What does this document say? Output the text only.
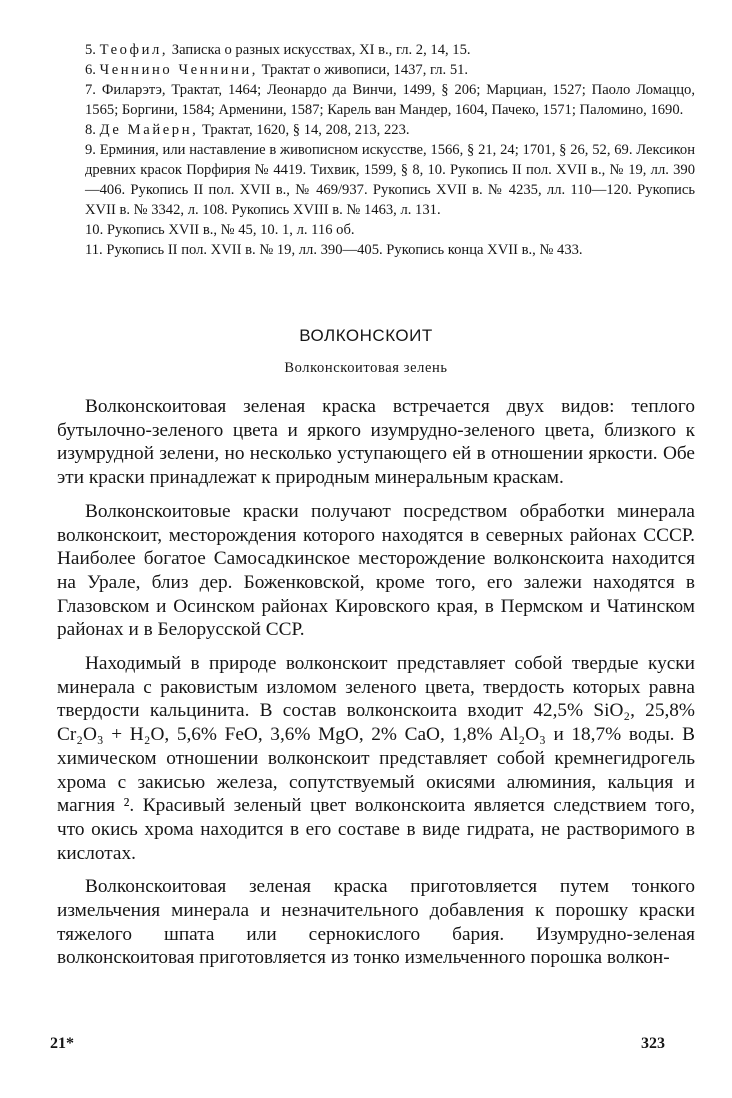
5. Теофил, Записка о разных искусствах, XI в., гл. 2, 14, 15.

6. Ченнино Ченнини, Трактат о живописи, 1437, гл. 51.

7. Филарэтэ, Трактат, 1464; Леонардо да Винчи, 1499, § 206; Марциан, 1527; Паоло Ломаццо, 1565; Боргини, 1584; Арменини, 1587; Карель ван Мандер, 1604, Пачеко, 1571; Паломино, 1690.

8. Де Майерн, Трактат, 1620, § 14, 208, 213, 223.

9. Ерминия, или наставление в живописном искусстве, 1566, § 21, 24; 1701, § 26, 52, 69. Лексикон древних красок Порфирия № 4419. Тихвик, 1599, § 8, 10. Рукопись II пол. XVII в., № 19, лл. 390—406. Рукопись II пол. XVII в., № 469/937. Рукопись XVII в. № 4235, лл. 110—120. Рукопись XVII в. № 3342, л. 108. Рукопись XVIII в. № 1463, л. 131.

10. Рукопись XVII в., № 45, 10. 1, л. 116 об.

11. Рукопись II пол. XVII в. № 19, лл. 390—405. Рукопись конца XVII в., № 433.

ВОЛКОНСКОИТ
Волконскоитовая зелень

Волконскоитовая зеленая краска встречается двух видов: теплого бутылочно-зеленого цвета и яркого изумрудно-зеленого цвета, близкого к изумрудной зелени, но несколько уступающего ей в отношении яркости. Обе эти краски принадлежат к природным минеральным краскам.

Волконскоитовые краски получают посредством обработки минерала волконскоит, месторождения которого находятся в северных районах СССР. Наиболее богатое Самосадкинское месторождение волконскоита находится на Урале, близ дер. Боженковской, кроме того, его залежи находятся в Глазовском и Осинском районах Кировского края, в Пермском и Чатинском районах и в Белорусской ССР.

Находимый в природе волконскоит представляет собой твердые куски минерала с раковистым изломом зеленого цвета, твердость которых равна твердости кальцинита. В состав волконскоита входит 42,5% SiO₂, 25,8% Cr₂O₃ + H₂O, 5,6% FeO, 3,6% MgO, 2% CaO, 1,8% Al₂O₃ и 18,7% воды. В химическом отношении волконскоит представляет собой кремнегидрогель хрома с закисью железа, сопутствуемый окисями алюминия, кальция и магния ². Красивый зеленый цвет волконскоита является следствием того, что окись хрома находится в его составе в виде гидрата, не растворимого в кислотах.

Волконскоитовая зеленая краска приготовляется путем тонкого измельчения минерала и незначительного добавления к порошку краски тяжелого шпата или сернокислого бария. Изумрудно-зеленая волконскоитовая приготовляется из тонко измельченного порошка волкон-

21*	323
